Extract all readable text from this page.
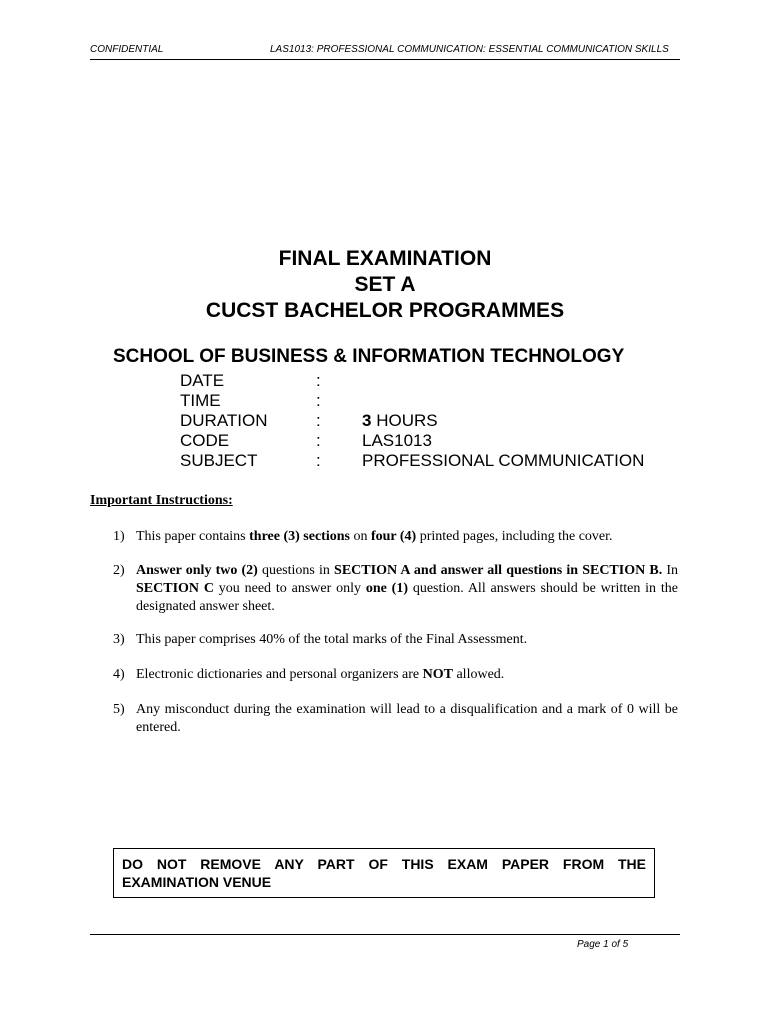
CONFIDENTIAL	LAS1013: PROFESSIONAL COMMUNICATION: ESSENTIAL COMMUNICATION SKILLS
FINAL EXAMINATION
SET A
CUCST BACHELOR PROGRAMMES
SCHOOL OF BUSINESS & INFORMATION TECHNOLOGY
DATE	:
TIME	:
DURATION	: 3 HOURS
CODE	: LAS1013
SUBJECT	: PROFESSIONAL COMMUNICATION
Important Instructions:
1) This paper contains three (3) sections on four (4) printed pages, including the cover.
2) Answer only two (2) questions in SECTION A and answer all questions in SECTION B. In SECTION C you need to answer only one (1) question. All answers should be written in the designated answer sheet.
3) This paper comprises 40% of the total marks of the Final Assessment.
4) Electronic dictionaries and personal organizers are NOT allowed.
5) Any misconduct during the examination will lead to a disqualification and a mark of 0 will be entered.
DO NOT REMOVE ANY PART OF THIS EXAM PAPER FROM THE EXAMINATION VENUE
Page 1 of 5
